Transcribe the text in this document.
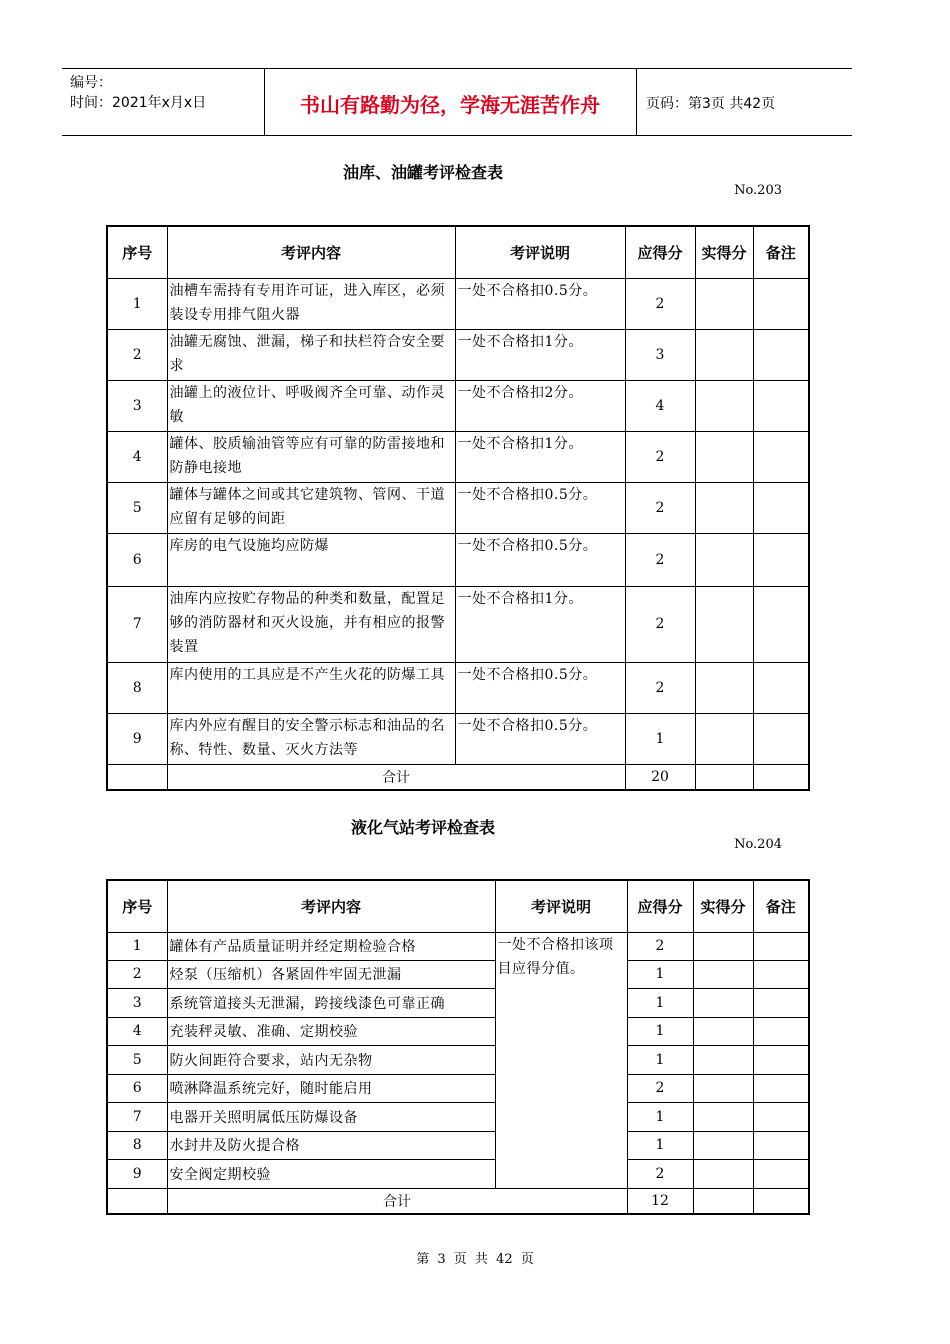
编号：
时间：2021年x月x日	书山有路勤为径，学海无涯苦作舟	页码：第3页 共42页
油库、油罐考评检查表
No.203
序号	考评内容	考评说明	应得分	实得分	备注
1	油槽车需持有专用许可证，进入库区，必须装设专用排气阻火器	一处不合格扣0.5分。	2		
2	油罐无腐蚀、泄漏，梯子和扶栏符合安全要求	一处不合格扣1分。	3		
3	油罐上的液位计、呼吸阀齐全可靠、动作灵敏	一处不合格扣2分。	4		
4	罐体、胶质输油管等应有可靠的防雷接地和防静电接地	一处不合格扣1分。	2		
5	罐体与罐体之间或其它建筑物、管网、干道应留有足够的间距	一处不合格扣0.5分。	2		
6	库房的电气设施均应防爆	一处不合格扣0.5分。	2		
7	油库内应按贮存物品的种类和数量，配置足够的消防器材和灭火设施，并有相应的报警装置	一处不合格扣1分。	2		
8	库内使用的工具应是不产生火花的防爆工具	一处不合格扣0.5分。	2		
9	库内外应有醒目的安全警示标志和油品的名称、特性、数量、灭火方法等	一处不合格扣0.5分。	1		
	合计		20		
液化气站考评检查表
No.204
序号	考评内容	考评说明	应得分	实得分	备注
1	罐体有产品质量证明并经定期检验合格	一处不合格扣该项目应得分值。	2		
2	烃泵（压缩机）各紧固件牢固无泄漏		1		
3	系统管道接头无泄漏，跨接线漆色可靠正确		1		
4	充装秤灵敏、准确、定期校验		1		
5	防火间距符合要求，站内无杂物		1		
6	喷淋降温系统完好，随时能启用		2		
7	电器开关照明属低压防爆设备		1		
8	水封井及防火提合格		1		
9	安全阀定期校验		2		
	合计		12		
第 3 页 共 42 页
